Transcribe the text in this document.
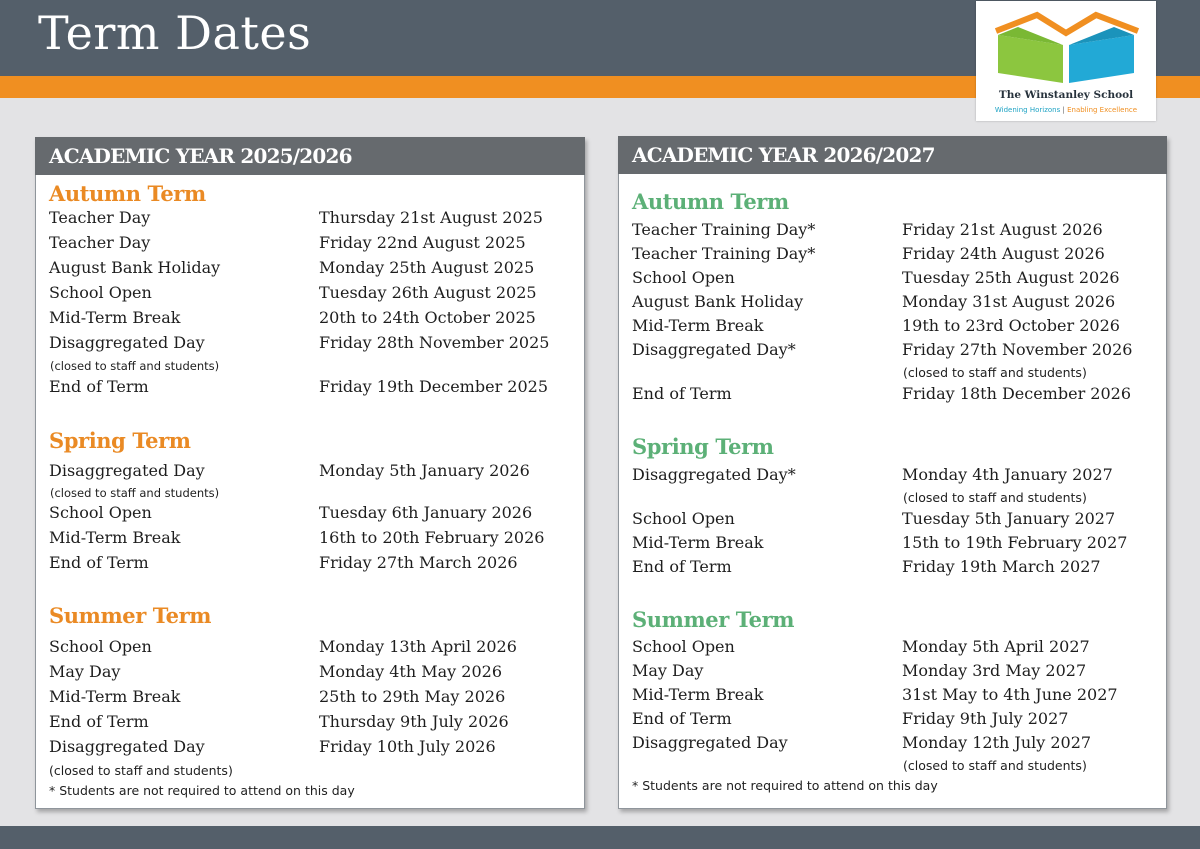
Term Dates
The Winstanley School
Widening Horizons | Enabling Excellence
ACADEMIC YEAR 2025/2026
Autumn Term
Teacher Day	Thursday 21st August 2025
Teacher Day	Friday 22nd August 2025
August Bank Holiday	Monday 25th August 2025
School Open	Tuesday 26th August 2025
Mid-Term Break	20th to 24th October 2025
Disaggregated Day	Friday 28th November 2025
(closed to staff and students)
End of Term	Friday 19th December 2025
Spring Term
Disaggregated Day	Monday 5th January 2026
(closed to staff and students)
School Open	Tuesday 6th January 2026
Mid-Term Break	16th to 20th February 2026
End of Term	Friday 27th March 2026
Summer Term
School Open	Monday 13th April 2026
May Day	Monday 4th May 2026
Mid-Term Break	25th to 29th May 2026
End of Term	Thursday 9th July 2026
Disaggregated Day	Friday 10th July 2026
(closed to staff and students)
* Students are not required to attend on this day
ACADEMIC YEAR 2026/2027
Autumn Term
Teacher Training Day*	Friday 21st August 2026
Teacher Training Day*	Friday 24th August 2026
School Open	Tuesday 25th August 2026
August Bank Holiday	Monday 31st August 2026
Mid-Term Break	19th to 23rd October 2026
Disaggregated Day*	Friday 27th November 2026
(closed to staff and students)
End of Term	Friday 18th December 2026
Spring Term
Disaggregated Day*	Monday 4th January 2027
(closed to staff and students)
School Open	Tuesday 5th January 2027
Mid-Term Break	15th to 19th February 2027
End of Term	Friday 19th March 2027
Summer Term
School Open	Monday 5th April 2027
May Day	Monday 3rd May 2027
Mid-Term Break	31st May to 4th June 2027
End of Term	Friday 9th July 2027
Disaggregated Day	Monday 12th July 2027
(closed to staff and students)
* Students are not required to attend on this day
